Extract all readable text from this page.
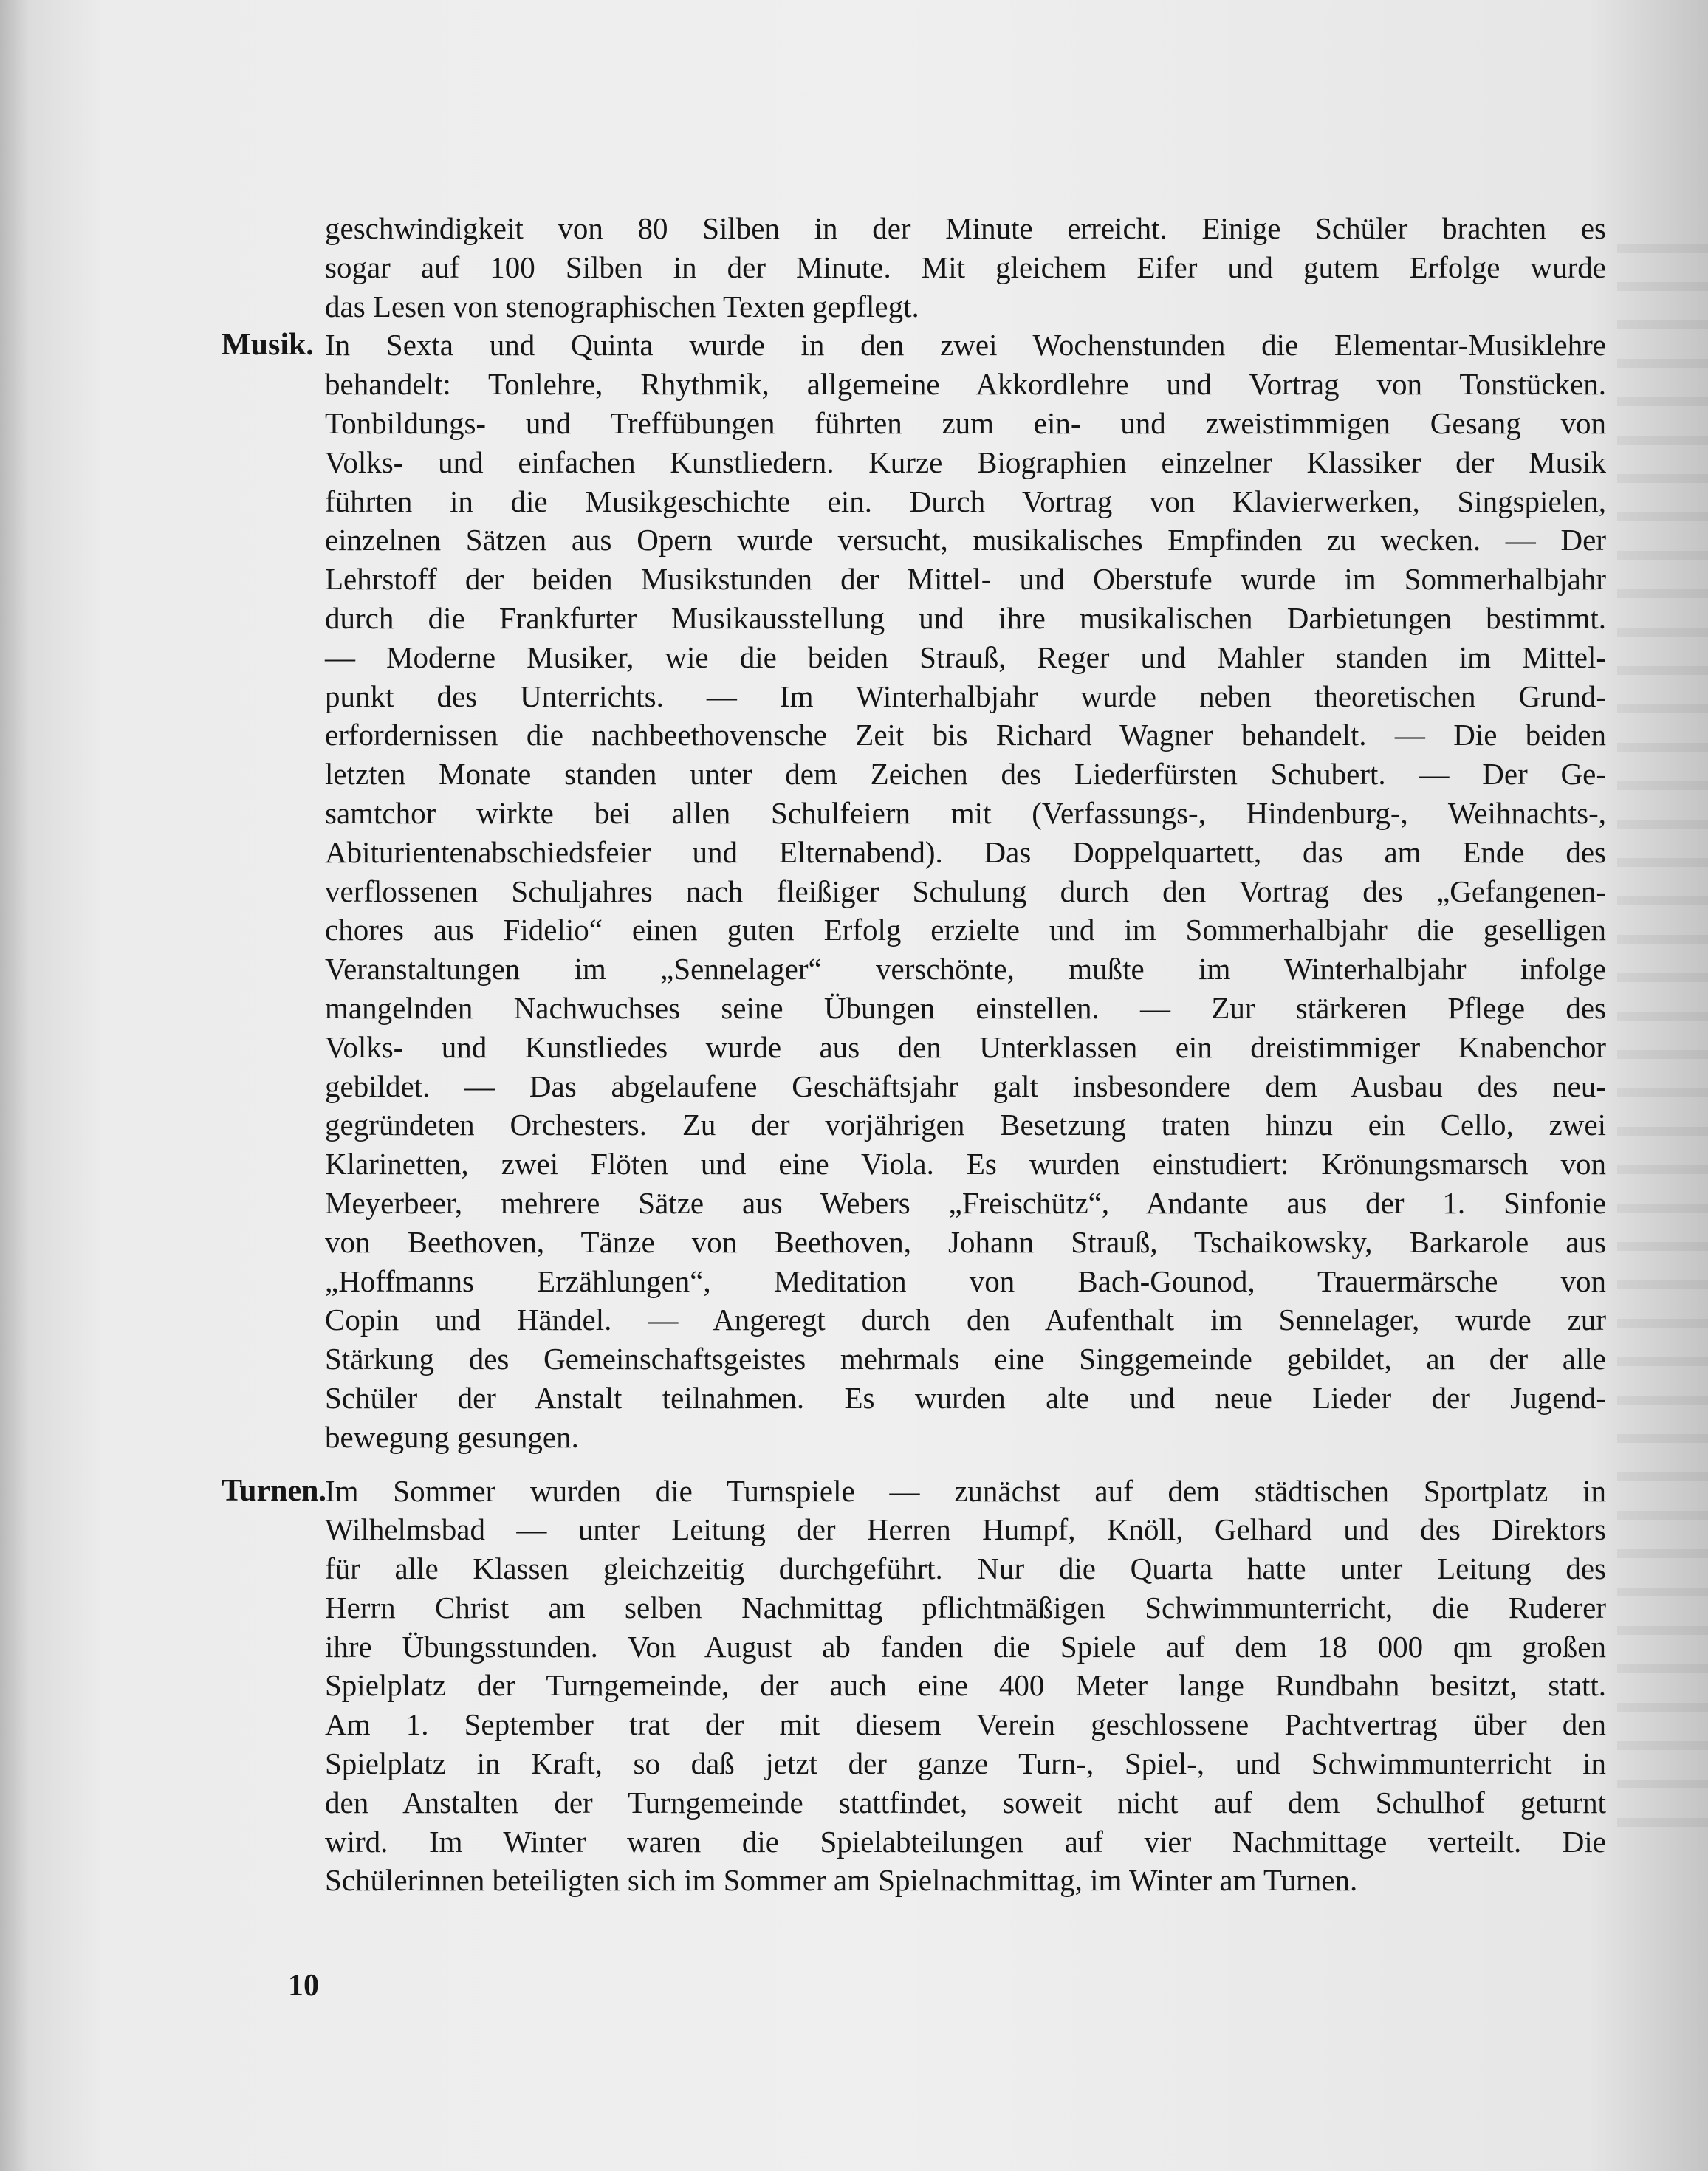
geschwindigkeit von 80 Silben in der Minute erreicht. Einige Schüler brachten es
sogar auf 100 Silben in der Minute. Mit gleichem Eifer und gutem Erfolge wurde
das Lesen von stenographischen Texten gepflegt.
Musik. In Sexta und Quinta wurde in den zwei Wochenstunden die Elementar-Musiklehre
behandelt: Tonlehre, Rhythmik, allgemeine Akkordlehre und Vortrag von Tonstücken.
Tonbildungs- und Treffübungen führten zum ein- und zweistimmigen Gesang von
Volks- und einfachen Kunstliedern. Kurze Biographien einzelner Klassiker der Musik
führten in die Musikgeschichte ein. Durch Vortrag von Klavierwerken, Singspielen,
einzelnen Sätzen aus Opern wurde versucht, musikalisches Empfinden zu wecken. — Der
Lehrstoff der beiden Musikstunden der Mittel- und Oberstufe wurde im Sommerhalbjahr
durch die Frankfurter Musikausstellung und ihre musikalischen Darbietungen bestimmt.
— Moderne Musiker, wie die beiden Strauß, Reger und Mahler standen im Mittel-
punkt des Unterrichts. — Im Winterhalbjahr wurde neben theoretischen Grund-
erfordernissen die nachbeethovensche Zeit bis Richard Wagner behandelt. — Die beiden
letzten Monate standen unter dem Zeichen des Liederfürsten Schubert. — Der Ge-
samtchor wirkte bei allen Schulfeiern mit (Verfassungs-, Hindenburg-, Weihnachts-,
Abiturientenabschiedsfeier und Elternabend). Das Doppelquartett, das am Ende des
verflossenen Schuljahres nach fleißiger Schulung durch den Vortrag des „Gefangenen-
chores aus Fidelio“ einen guten Erfolg erzielte und im Sommerhalbjahr die geselligen
Veranstaltungen im „Sennelager“ verschönte, mußte im Winterhalbjahr infolge
mangelnden Nachwuchses seine Übungen einstellen. — Zur stärkeren Pflege des
Volks- und Kunstliedes wurde aus den Unterklassen ein dreistimmiger Knabenchor
gebildet. — Das abgelaufene Geschäftsjahr galt insbesondere dem Ausbau des neu-
gegründeten Orchesters. Zu der vorjährigen Besetzung traten hinzu ein Cello, zwei
Klarinetten, zwei Flöten und eine Viola. Es wurden einstudiert: Krönungsmarsch von
Meyerbeer, mehrere Sätze aus Webers „Freischütz“, Andante aus der 1. Sinfonie
von Beethoven, Tänze von Beethoven, Johann Strauß, Tschaikowsky, Barkarole aus
„Hoffmanns Erzählungen“, Meditation von Bach-Gounod, Trauermärsche von
Copin und Händel. — Angeregt durch den Aufenthalt im Sennelager, wurde zur
Stärkung des Gemeinschaftsgeistes mehrmals eine Singgemeinde gebildet, an der alle
Schüler der Anstalt teilnahmen. Es wurden alte und neue Lieder der Jugend-
bewegung gesungen.
Turnen.
Im Sommer wurden die Turnspiele — zunächst auf dem städtischen Sportplatz in
Wilhelmsbad — unter Leitung der Herren Humpf, Knöll, Gelhard und des Direktors
für alle Klassen gleichzeitig durchgeführt. Nur die Quarta hatte unter Leitung des
Herrn Christ am selben Nachmittag pflichtmäßigen Schwimmunterricht, die Ruderer
ihre Übungsstunden. Von August ab fanden die Spiele auf dem 18 000 qm großen
Spielplatz der Turngemeinde, der auch eine 400 Meter lange Rundbahn besitzt, statt.
Am 1. September trat der mit diesem Verein geschlossene Pachtvertrag über den
Spielplatz in Kraft, so daß jetzt der ganze Turn-, Spiel-, und Schwimmunterricht in
den Anstalten der Turngemeinde stattfindet, soweit nicht auf dem Schulhof geturnt
wird. Im Winter waren die Spielabteilungen auf vier Nachmittage verteilt. Die
Schülerinnen beteiligten sich im Sommer am Spielnachmittag, im Winter am Turnen.
10
